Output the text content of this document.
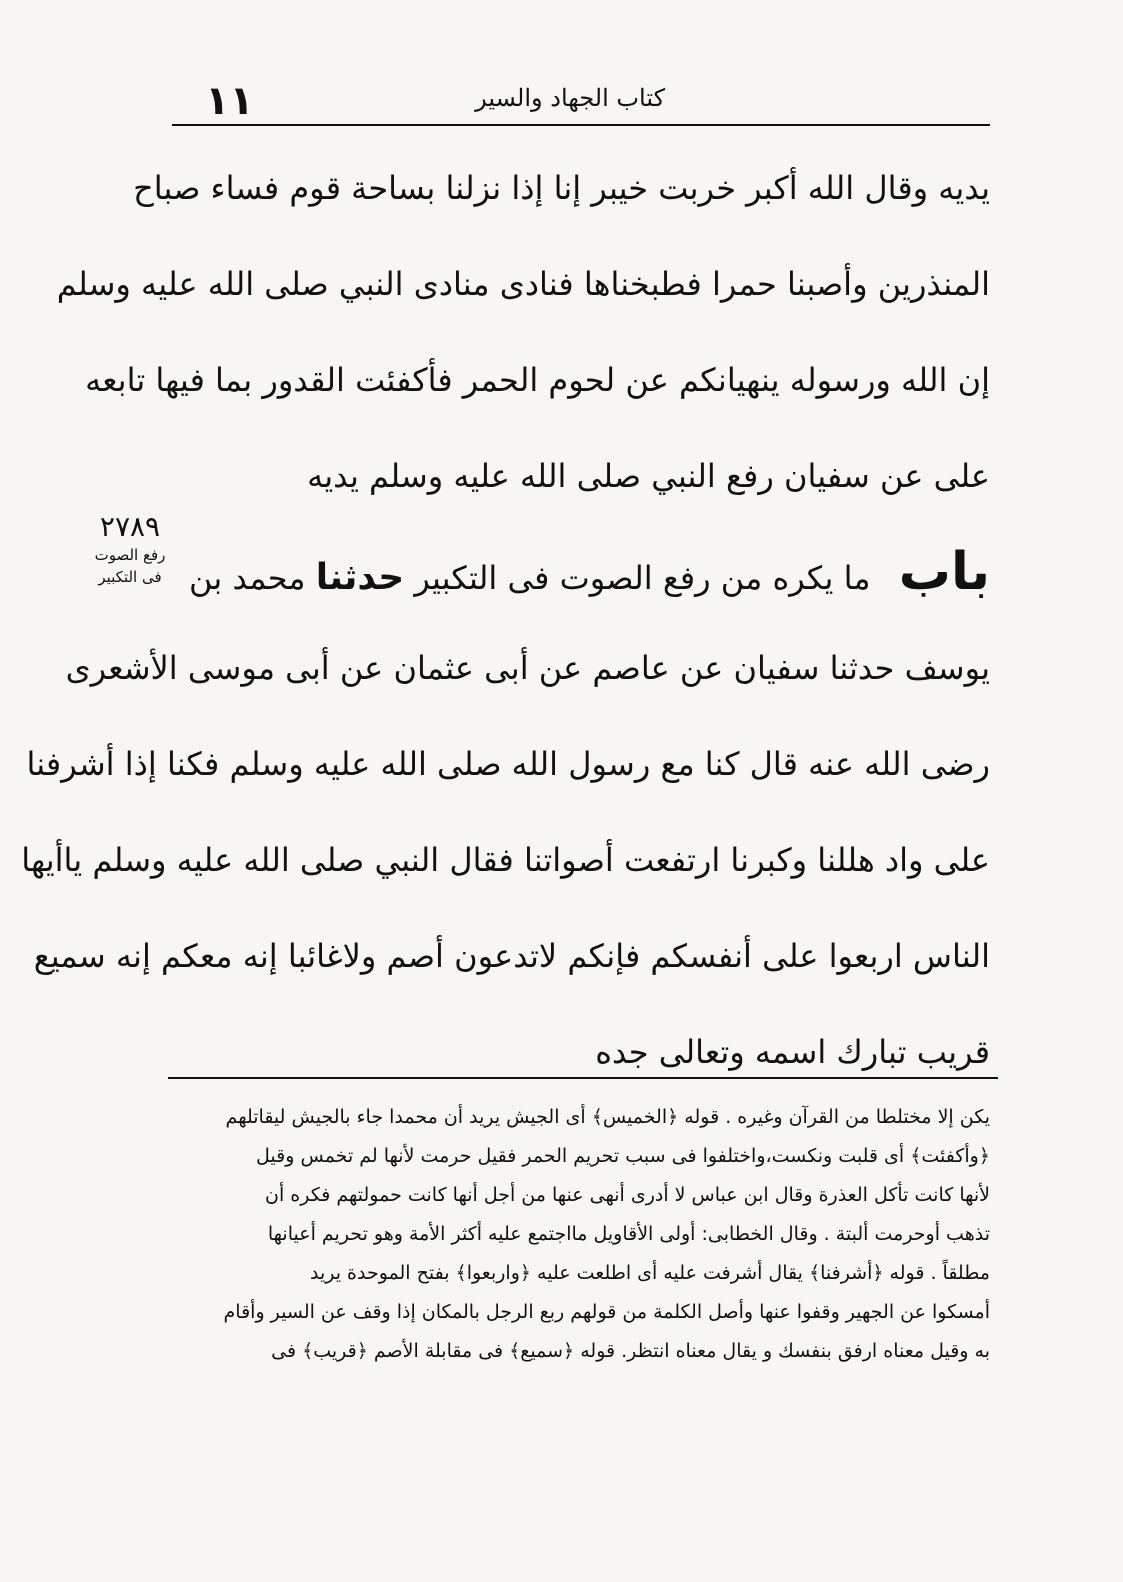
١١	كتاب الجهاد والسير
يديه وقال الله أكبر خربت خيبر إنا إذا نزلنا بساحة قوم فساء صباح
المنذرين وأصبنا حمرا فطبخناها فنادى منادى النبي صلى الله عليه وسلم
إن الله ورسوله ينهيانكم عن لحوم الحمر فأكفئت القدور بما فيها تابعه
على عن سفيان رفع النبي صلى الله عليه وسلم يديه
باب ما يكره من رفع الصوت فى التكبير حدثنا محمد بن
يوسف حدثنا سفيان عن عاصم عن أبى عثمان عن أبى موسى الأشعرى
رضى الله عنه قال كنا مع رسول الله صلى الله عليه وسلم فكنا إذا أشرفنا
على واد هللنا وكبرنا ارتفعت أصواتنا فقال النبي صلى الله عليه وسلم ياأيها
الناس اربعوا على أنفسكم فإنكم لاتدعون أصم ولاغائبا إنه معكم إنه سميع
قريب تبارك اسمه وتعالى جده
٢٧٨٩
رفع الصوت
فى التكبير
يكن إلا مختلطا من القرآن وغيره . قوله ﴿الخميس﴾ أى الجيش يريد أن محمدا جاء بالجيش ليقاتلهم
﴿وأكفئت﴾ أى قلبت ونكست،واختلفوا فى سبب تحريم الحمر فقيل حرمت لأنها لم تخمس وقيل
لأنها كانت تأكل العذرة وقال ابن عباس لا أدرى أنهى عنها من أجل أنها كانت حمولتهم فكره أن
تذهب أوحرمت ألبتة . وقال الخطابى: أولى الأقاويل مااجتمع عليه أكثر الأمة وهو تحريم أعيانها
مطلقاً . قوله ﴿أشرفنا﴾ يقال أشرفت عليه أى اطلعت عليه ﴿واربعوا﴾ بفتح الموحدة يريد
أمسكوا عن الجهير وقفوا عنها وأصل الكلمة من قولهم ربع الرجل بالمكان إذا وقف عن السير وأقام
به وقيل معناه ارفق بنفسك و يقال معناه انتظر. قوله ﴿سميع﴾ فى مقابلة الأصم ﴿قريب﴾ فى
